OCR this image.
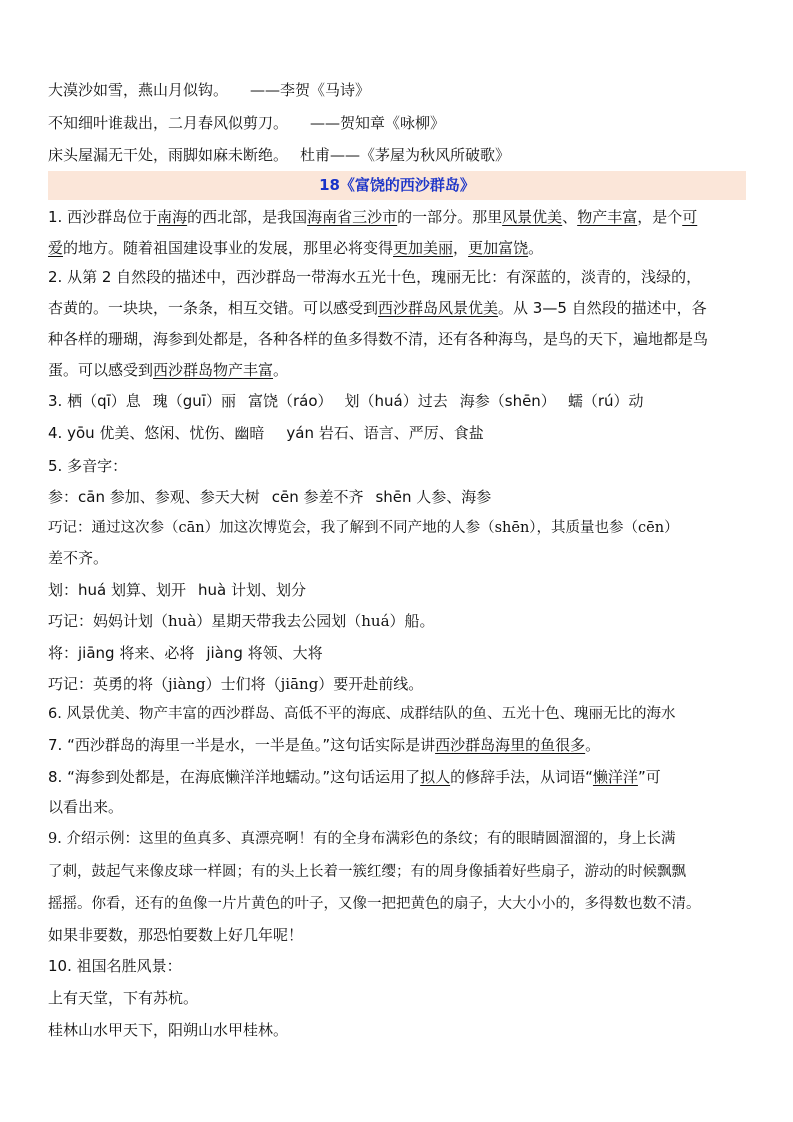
大漠沙如雪，燕山月似钩。 ——李贺《马诗》
不知细叶谁裁出，二月春风似剪刀。 ——贺知章《咏柳》
床头屋漏无干处，雨脚如麻未断绝。 杜甫——《茅屋为秋风所破歌》
18《富饶的西沙群岛》
1. 西沙群岛位于南海的西北部，是我国海南省三沙市的一部分。那里风景优美、物产丰富，是个可
爱的地方。随着祖国建设事业的发展，那里必将变得更加美丽，更加富饶。
2. 从第 2 自然段的描述中，西沙群岛一带海水五光十色，瑰丽无比：有深蓝的，淡青的，浅绿的，
杏黄的。一块块，一条条，相互交错。可以感受到西沙群岛风景优美。从 3—5 自然段的描述中，各
种各样的珊瑚，海参到处都是，各种各样的鱼多得数不清，还有各种海鸟，是鸟的天下，遍地都是鸟
蛋。可以感受到西沙群岛物产丰富。
3. 栖（qī）息 瑰（guī）丽 富饶（ráo） 划（huá）过去 海参（shēn） 蠕（rú）动
4. yōu 优美、悠闲、忧伤、幽暗 yán 岩石、语言、严厉、食盐
5. 多音字：
参：cān 参加、参观、参天大树 cēn 参差不齐 shēn 人参、海参
巧记：通过这次参（cān）加这次博览会，我了解到不同产地的人参（shēn），其质量也参（cēn）
差不齐。
划：huá 划算、划开 huà 计划、划分
巧记：妈妈计划（huà）星期天带我去公园划（huá）船。
将：jiāng 将来、必将 jiàng 将领、大将
巧记：英勇的将（jiàng）士们将（jiāng）要开赴前线。
6. 风景优美、物产丰富的西沙群岛、高低不平的海底、成群结队的鱼、五光十色、瑰丽无比的海水
7. “西沙群岛的海里一半是水，一半是鱼。”这句话实际是讲西沙群岛海里的鱼很多。
8. “海参到处都是，在海底懒洋洋地蠕动。”这句话运用了拟人的修辞手法，从词语“懒洋洋”可
以看出来。
9. 介绍示例：这里的鱼真多、真漂亮啊！有的全身布满彩色的条纹；有的眼睛圆溜溜的，身上长满
了刺，鼓起气来像皮球一样圆；有的头上长着一簇红缨；有的周身像插着好些扇子，游动的时候飘飘
摇摇。你看，还有的鱼像一片片黄色的叶子，又像一把把黄色的扇子，大大小小的，多得数也数不清。
如果非要数，那恐怕要数上好几年呢！
10. 祖国名胜风景：
上有天堂，下有苏杭。
桂林山水甲天下，阳朔山水甲桂林。
